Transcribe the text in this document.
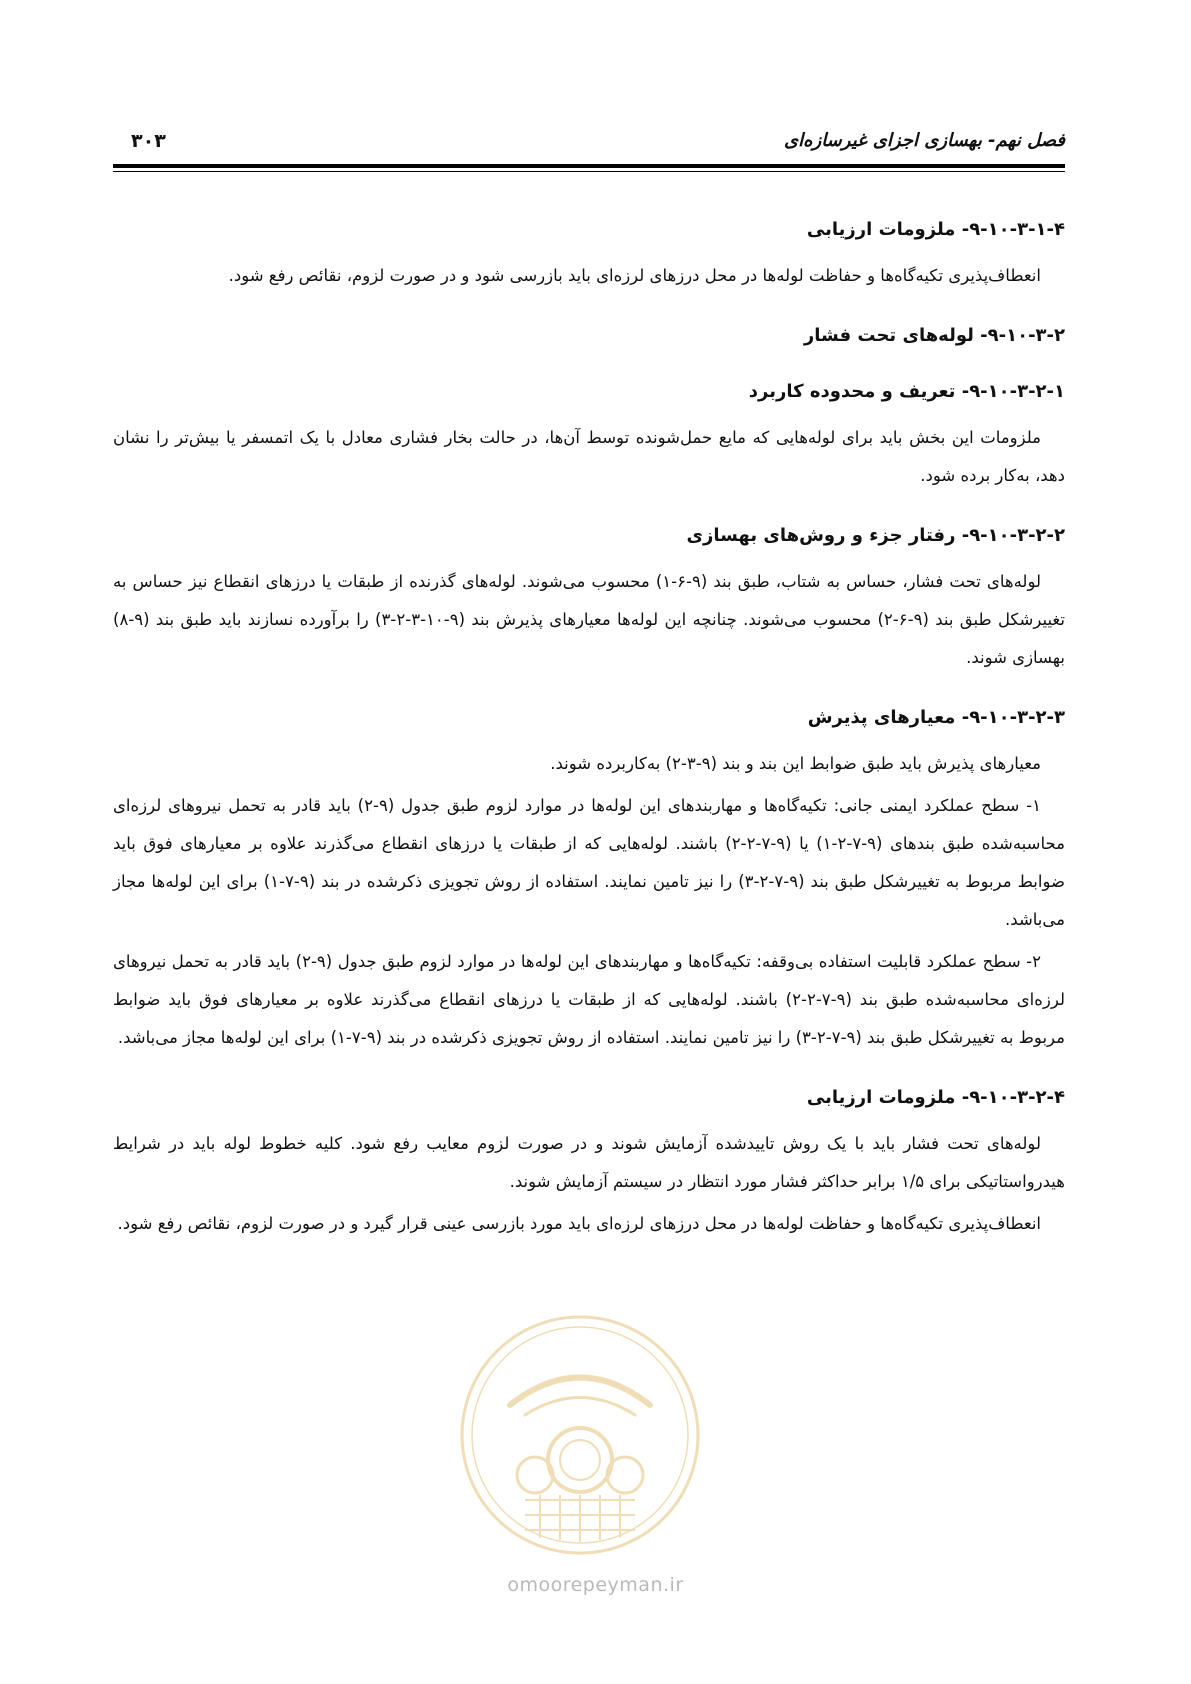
فصل نهم- بهسازی اجزای غیرسازه‌ای
۳۰۳
۹-۱۰-۳-۱-۴- ملزومات ارزیابی

انعطاف‌پذیری تکیه‌گاه‌ها و حفاظت لوله‌ها در محل درزهای لرزه‌ای باید بازرسی شود و در صورت لزوم، نقائص رفع شود.

۹-۱۰-۳-۲- لوله‌های تحت فشار
۹-۱۰-۳-۲-۱- تعریف و محدوده کاربرد

ملزومات این بخش باید برای لوله‌هایی که مایع حمل‌شونده توسط آن‌ها، در حالت بخار فشاری معادل با یک اتمسفر یا بیش‌تر را نشان دهد، به‌کار برده شود.

۹-۱۰-۳-۲-۲- رفتار جزء و روش‌های بهسازی

لوله‌های تحت فشار، حساس به شتاب، طبق بند (۹-۶-۱) محسوب می‌شوند. لوله‌های گذرنده از طبقات یا درزهای انقطاع نیز حساس به تغییرشکل طبق بند (۹-۶-۲) محسوب می‌شوند. چنانچه این لوله‌ها معیارهای پذیرش بند (۹-۱۰-۳-۲-۳) را برآورده نسازند باید طبق بند (۹-۸) بهسازی شوند.

۹-۱۰-۳-۲-۳- معیارهای پذیرش

معیارهای پذیرش باید طبق ضوابط این بند و بند (۹-۳-۲) به‌کاربرده شوند.

۱- سطح عملکرد ایمنی جانی: تکیه‌گاه‌ها و مهاربندهای این لوله‌ها در موارد لزوم طبق جدول (۹-۲) باید قادر به تحمل نیروهای لرزه‌ای محاسبه‌شده طبق بندهای (۹-۷-۲-۱) یا (۹-۷-۲-۲) باشند. لوله‌هایی که از طبقات یا درزهای انقطاع می‌گذرند علاوه بر معیارهای فوق باید ضوابط مربوط به تغییرشکل طبق بند (۹-۷-۲-۳) را نیز تامین نمایند. استفاده از روش تجویزی ذکرشده در بند (۹-۷-۱) برای این لوله‌ها مجاز می‌باشد.

۲- سطح عملکرد قابلیت استفاده بی‌وقفه: تکیه‌گاه‌ها و مهاربندهای این لوله‌ها در موارد لزوم طبق جدول (۹-۲) باید قادر به تحمل نیروهای لرزه‌ای محاسبه‌شده طبق بند (۹-۷-۲-۲) باشند. لوله‌هایی که از طبقات یا درزهای انقطاع می‌گذرند علاوه بر معیارهای فوق باید ضوابط مربوط به تغییرشکل طبق بند (۹-۷-۲-۳) را نیز تامین نمایند. استفاده از روش تجویزی ذکرشده در بند (۹-۷-۱) برای این لوله‌ها مجاز می‌باشد.

۹-۱۰-۳-۲-۴- ملزومات ارزیابی

لوله‌های تحت فشار باید با یک روش تاییدشده آزمایش شوند و در صورت لزوم معایب رفع شود. کلیه خطوط لوله باید در شرایط هیدرواستاتیکی برای ۱/۵ برابر حداکثر فشار مورد انتظار در سیستم آزمایش شوند.

انعطاف‌پذیری تکیه‌گاه‌ها و حفاظت لوله‌ها در محل درزهای لرزه‌ای باید مورد بازرسی عینی قرار گیرد و در صورت لزوم، نقائص رفع شود.

omoorepeyman.ir
